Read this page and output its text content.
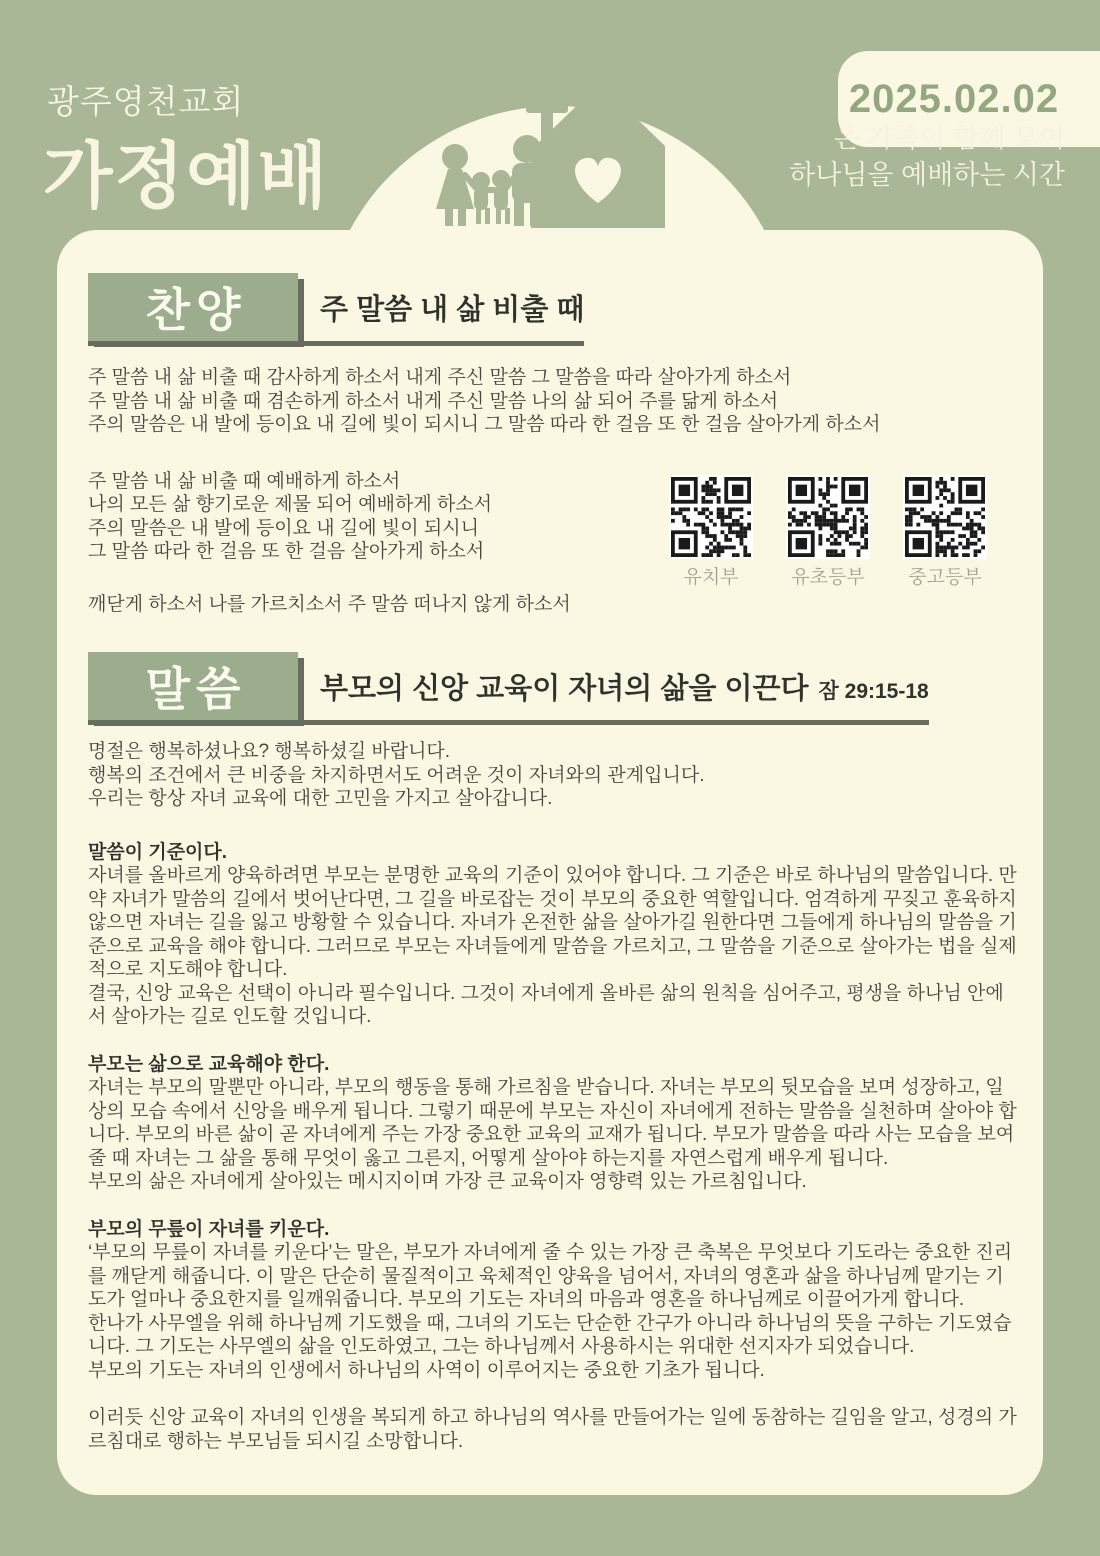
광주영천교회
가정예배
2025.02.02
온 가족이 함께 모여
하나님을 예배하는 시간
찬양	주 말씀 내 삶 비출 때
주 말씀 내 삶 비출 때 감사하게 하소서 내게 주신 말씀 그 말씀을 따라 살아가게 하소서
주 말씀 내 삶 비출 때 겸손하게 하소서 내게 주신 말씀 나의 삶 되어 주를 닮게 하소서
주의 말씀은 내 발에 등이요 내 길에 빛이 되시니 그 말씀 따라 한 걸음 또 한 걸음 살아가게 하소서
주 말씀 내 삶 비출 때 예배하게 하소서
나의 모든 삶 향기로운 제물 되어 예배하게 하소서
주의 말씀은 내 발에 등이요 내 길에 빛이 되시니
그 말씀 따라 한 걸음 또 한 걸음 살아가게 하소서
깨닫게 하소서 나를 가르치소서 주 말씀 떠나지 않게 하소서
유치부	유초등부 중고등부
말씀	부모의 신앙 교육이 자녀의 삶을 이끈다 잠 29:15-18
명절은 행복하셨나요? 행복하셨길 바랍니다.
행복의 조건에서 큰 비중을 차지하면서도 어려운 것이 자녀와의 관계입니다.
우리는 항상 자녀 교육에 대한 고민을 가지고 살아갑니다.
말씀이 기준이다.
자녀를 올바르게 양육하려면 부모는 분명한 교육의 기준이 있어야 합니다. 그 기준은 바로 하나님의 말씀입니다. 만약 자녀가 말씀의 길에서 벗어난다면, 그 길을 바로잡는 것이 부모의 중요한 역할입니다. 엄격하게 꾸짖고 훈육하지 않으면 자녀는 길을 잃고 방황할 수 있습니다. 자녀가 온전한 삶을 살아가길 원한다면 그들에게 하나님의 말씀을 기준으로 교육을 해야 합니다. 그러므로 부모는 자녀들에게 말씀을 가르치고, 그 말씀을 기준으로 살아가는 법을 실제적으로 지도해야 합니다.
결국, 신앙 교육은 선택이 아니라 필수입니다. 그것이 자녀에게 올바른 삶의 원칙을 심어주고, 평생을 하나님 안에서 살아가는 길로 인도할 것입니다.
부모는 삶으로 교육해야 한다.
자녀는 부모의 말뿐만 아니라, 부모의 행동을 통해 가르침을 받습니다. 자녀는 부모의 뒷모습을 보며 성장하고, 일상의 모습 속에서 신앙을 배우게 됩니다. 그렇기 때문에 부모는 자신이 자녀에게 전하는 말씀을 실천하며 살아야 합니다. 부모의 바른 삶이 곧 자녀에게 주는 가장 중요한 교육의 교재가 됩니다. 부모가 말씀을 따라 사는 모습을 보여줄 때 자녀는 그 삶을 통해 무엇이 옳고 그른지, 어떻게 살아야 하는지를 자연스럽게 배우게 됩니다.
부모의 삶은 자녀에게 살아있는 메시지이며 가장 큰 교육이자 영향력 있는 가르침입니다.
부모의 무릎이 자녀를 키운다.
‘부모의 무릎이 자녀를 키운다’는 말은, 부모가 자녀에게 줄 수 있는 가장 큰 축복은 무엇보다 기도라는 중요한 진리를 깨닫게 해줍니다. 이 말은 단순히 물질적이고 육체적인 양육을 넘어서, 자녀의 영혼과 삶을 하나님께 맡기는 기도가 얼마나 중요한지를 일깨워줍니다. 부모의 기도는 자녀의 마음과 영혼을 하나님께로 이끌어가게 합니다.
한나가 사무엘을 위해 하나님께 기도했을 때, 그녀의 기도는 단순한 간구가 아니라 하나님의 뜻을 구하는 기도였습니다. 그 기도는 사무엘의 삶을 인도하였고, 그는 하나님께서 사용하시는 위대한 선지자가 되었습니다.
부모의 기도는 자녀의 인생에서 하나님의 사역이 이루어지는 중요한 기초가 됩니다.
이러듯 신앙 교육이 자녀의 인생을 복되게 하고 하나님의 역사를 만들어가는 일에 동참하는 길임을 알고, 성경의 가르침대로 행하는 부모님들 되시길 소망합니다.
